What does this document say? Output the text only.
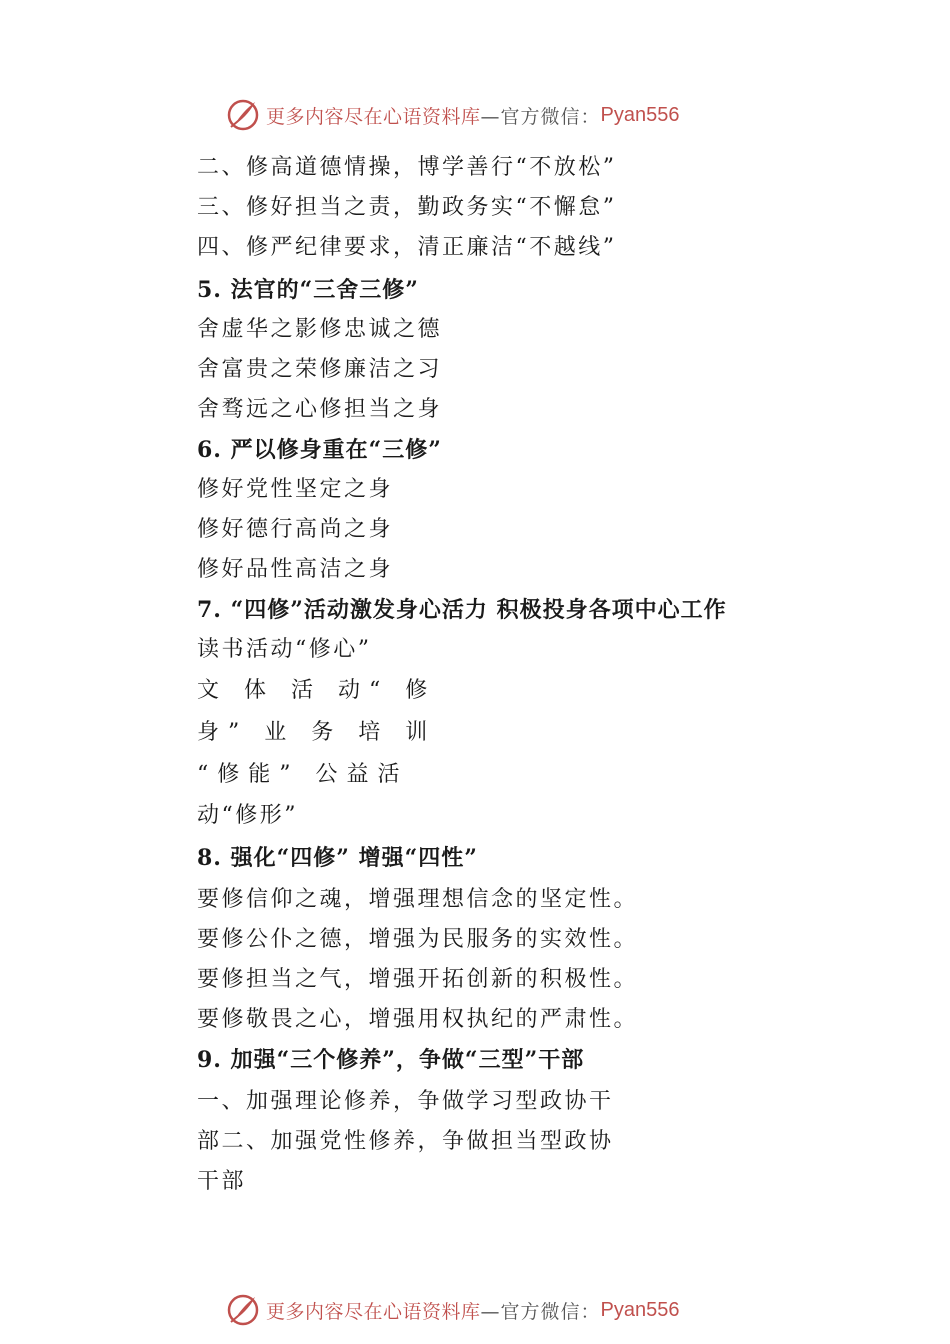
更多内容尽在心语资料库 —官方微信： Pyan556
二、修高道德情操，博学善行“不放松”
三、修好担当之责，勤政务实“不懈怠”
四、修严纪律要求，清正廉洁“不越线”
5. 法官的“三舍三修”
舍虚华之影修忠诚之德
舍富贵之荣修廉洁之习
舍骛远之心修担当之身
6. 严以修身重在“三修”
修好党性坚定之身
修好德行高尚之身
修好品性高洁之身
7. “四修”活动激发身心活力 积极投身各项中心工作
读书活动“修心”
文 体 活 动“ 修
身” 业 务 培 训
“修能” 公益活
动“修形”
8. 强化“四修” 增强“四性”
要修信仰之魂，增强理想信念的坚定性。
要修公仆之德，增强为民服务的实效性。
要修担当之气，增强开拓创新的积极性。
要修敬畏之心，增强用权执纪的严肃性。
9. 加强“三个修养”，争做“三型”干部
一、加强理论修养，争做学习型政协干
部二、加强党性修养，争做担当型政协
干部
更多内容尽在心语资料库 —官方微信： Pyan556
